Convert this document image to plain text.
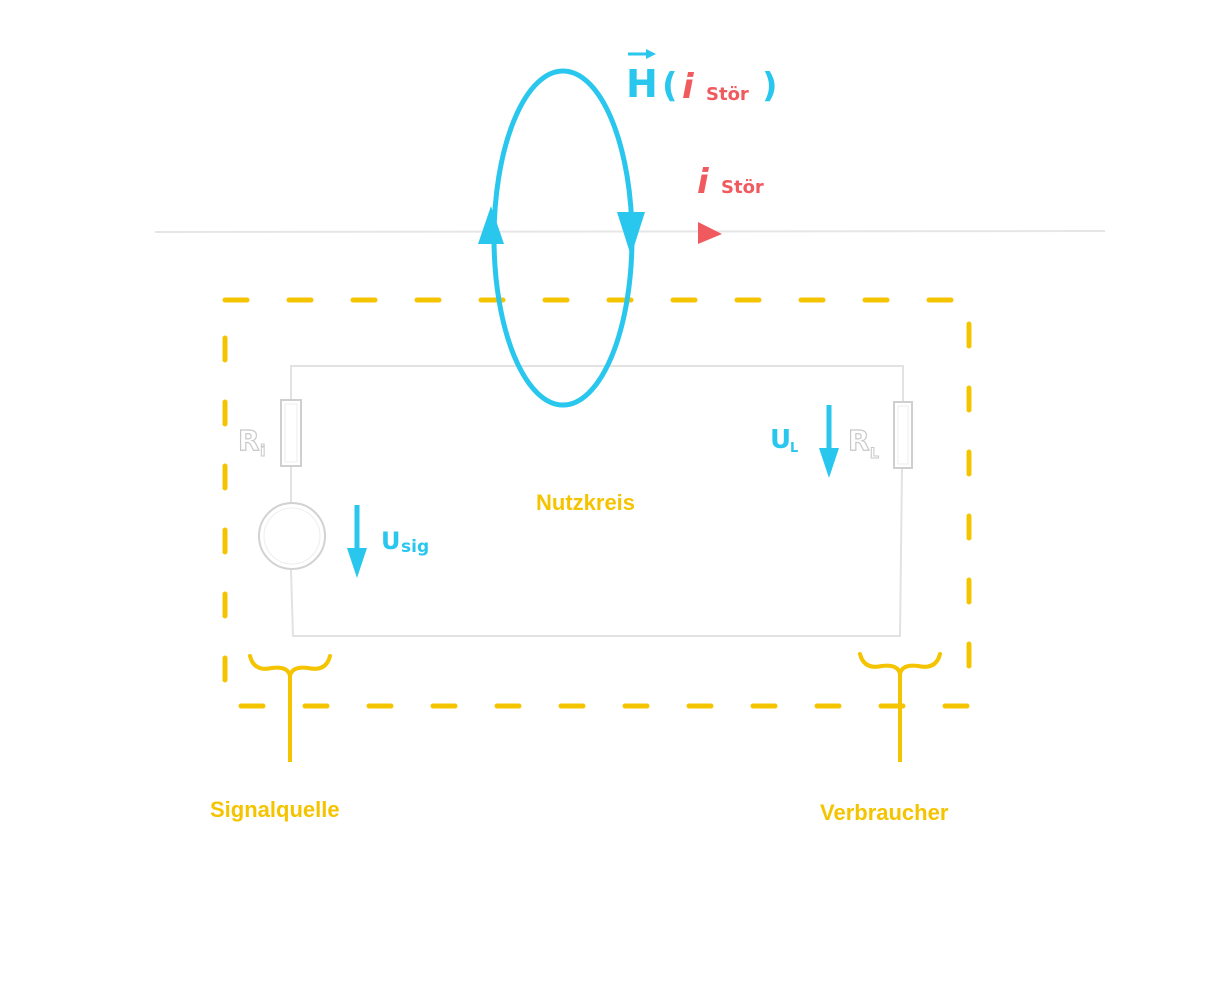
H ( i Stör )
i Stör
R i	R L
U
L
U sig
Nutzkreis
Signalquelle	Verbraucher
